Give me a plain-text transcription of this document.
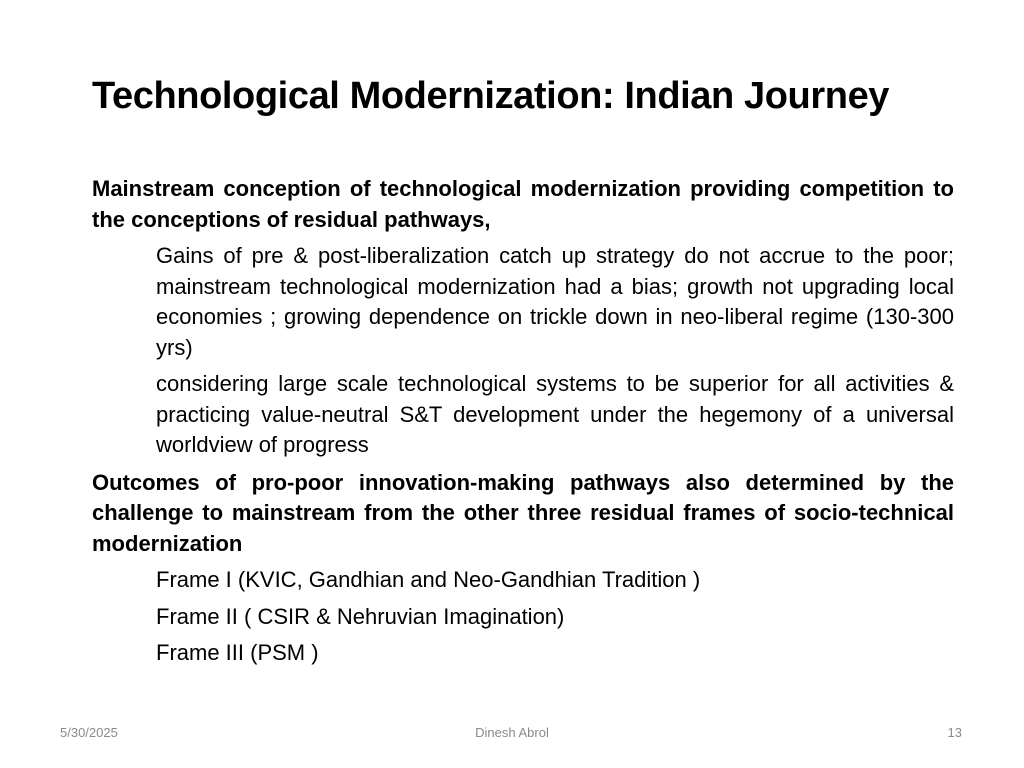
Technological Modernization: Indian Journey

Mainstream conception of technological modernization providing competition to the conceptions of residual pathways,

Gains of pre & post-liberalization catch up strategy do not accrue to the poor; mainstream technological modernization had a bias; growth not upgrading local economies ; growing dependence on trickle down in neo-liberal regime (130-300 yrs)

considering large scale technological systems to be superior for all activities & practicing value-neutral S&T development under the hegemony of a universal worldview of progress

Outcomes of pro-poor innovation-making pathways also determined by the challenge to mainstream from the other three residual frames of socio-technical modernization

Frame I (KVIC, Gandhian and Neo-Gandhian Tradition )

Frame II ( CSIR & Nehruvian Imagination)

Frame III (PSM )

5/30/2025	Dinesh Abrol	13
